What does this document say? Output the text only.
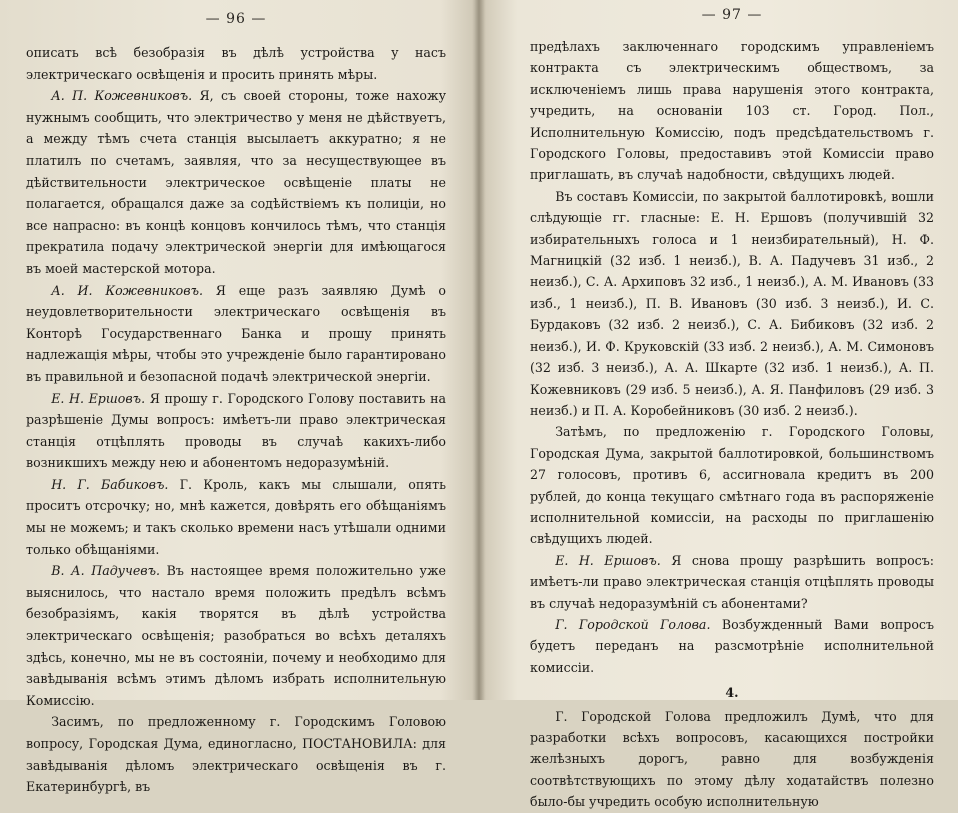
— 96 —

описать всѣ безобразія въ дѣлѣ устройства у насъ электрическаго освѣщенія и просить принять мѣры.

А. П. Кожевниковъ. Я, съ своей стороны, тоже нахожу нужнымъ сообщить, что электричество у меня не дѣйствуетъ, а между тѣмъ счета станція высылаетъ аккуратно; я не платилъ по счетамъ, заявляя, что за несуществующее въ дѣйствительности электрическое освѣщеніе платы не полагается, обращался даже за содѣйствіемъ къ полиціи, но все напрасно: въ концѣ концовъ кончилось тѣмъ, что станція прекратила подачу электрической энергіи для имѣющагося въ моей мастерской мотора.

А. И. Кожевниковъ. Я еще разъ заявляю Думѣ о неудовлетворительности электрическаго освѣщенія въ Конторѣ Государственнаго Банка и прошу принять надлежащія мѣры, чтобы это учрежденіе было гарантировано въ правильной и безопасной подачѣ электрической энергіи.

Е. Н. Ершовъ. Я прошу г. Городского Голову поставить на разрѣшеніе Думы вопросъ: имѣетъ-ли право электрическая станція отцѣплять проводы въ случаѣ какихъ-либо возникшихъ между нею и абонентомъ недоразумѣній.

Н. Г. Бабиковъ. Г. Кроль, какъ мы слышали, опять проситъ отсрочку; но, мнѣ кажется, довѣрять его обѣщаніямъ мы не можемъ; и такъ сколько времени насъ утѣшали одними только обѣщаніями.

В. А. Падучевъ. Въ настоящее время положительно уже выяснилось, что настало время положить предѣлъ всѣмъ безобразіямъ, какія творятся въ дѣлѣ устройства электрическаго освѣщенія; разобраться во всѣхъ деталяхъ здѣсь, конечно, мы не въ состояніи, почему и необходимо для завѣдыванія всѣмъ этимъ дѣломъ избрать исполнительную Комиссію.

Засимъ, по предложенному г. Городскимъ Головою вопросу, Городская Дума, единогласно, ПОСТАНОВИЛА: для завѣдыванія дѣломъ электрическаго освѣщенія въ г. Екатеринбургѣ, въ

— 97 —

предѣлахъ заключеннаго городскимъ управленіемъ контракта съ электрическимъ обществомъ, за исключеніемъ лишь права нарушенія этого контракта, учредить, на основаніи 103 ст. Город. Пол., Исполнительную Комиссію, подъ предсѣдательствомъ г. Городского Головы, предоставивъ этой Комиссіи право приглашать, въ случаѣ надобности, свѣдущихъ людей.

Въ составъ Комиссіи, по закрытой баллотировкѣ, вошли слѣдующіе гг. гласные: Е. Н. Ершовъ (получившій 32 избирательныхъ голоса и 1 неизбирательный), Н. Ф. Магницкій (32 изб. 1 неизб.), В. А. Падучевъ 31 изб., 2 неизб.), С. А. Архиповъ 32 изб., 1 неизб.), А. М. Ивановъ (33 изб., 1 неизб.), П. В. Ивановъ (30 изб. 3 неизб.), И. С. Бурдаковъ (32 изб. 2 неизб.), С. А. Бибиковъ (32 изб. 2 неизб.), И. Ф. Круковскій (33 изб. 2 неизб.), А. М. Симоновъ (32 изб. 3 неизб.), А. А. Шкарте (32 изб. 1 неизб.), А. П. Кожевниковъ (29 изб. 5 неизб.), А. Я. Панфиловъ (29 изб. 3 неизб.) и П. А. Коробейниковъ (30 изб. 2 неизб.).

Затѣмъ, по предложенію г. Городского Головы, Городская Дума, закрытой баллотировкой, большинствомъ 27 голосовъ, противъ 6, ассигновала кредитъ въ 200 рублей, до конца текущаго смѣтнаго года въ распоряженіе исполнительной комиссіи, на расходы по приглашенію свѣдущихъ людей.

Е. Н. Ершовъ. Я снова прошу разрѣшить вопросъ: имѣетъ-ли право электрическая станція отцѣплять проводы въ случаѣ недоразумѣній съ абонентами?

Г. Городской Голова. Возбужденный Вами вопросъ будетъ переданъ на разсмотрѣніе исполнительной комиссіи.

4.

Г. Городской Голова предложилъ Думѣ, что для разработки всѣхъ вопросовъ, касающихся постройки желѣзныхъ дорогъ, равно для возбужденія соотвѣтствующихъ по этому дѣлу ходатайствъ полезно было-бы учредить особую исполнительную
